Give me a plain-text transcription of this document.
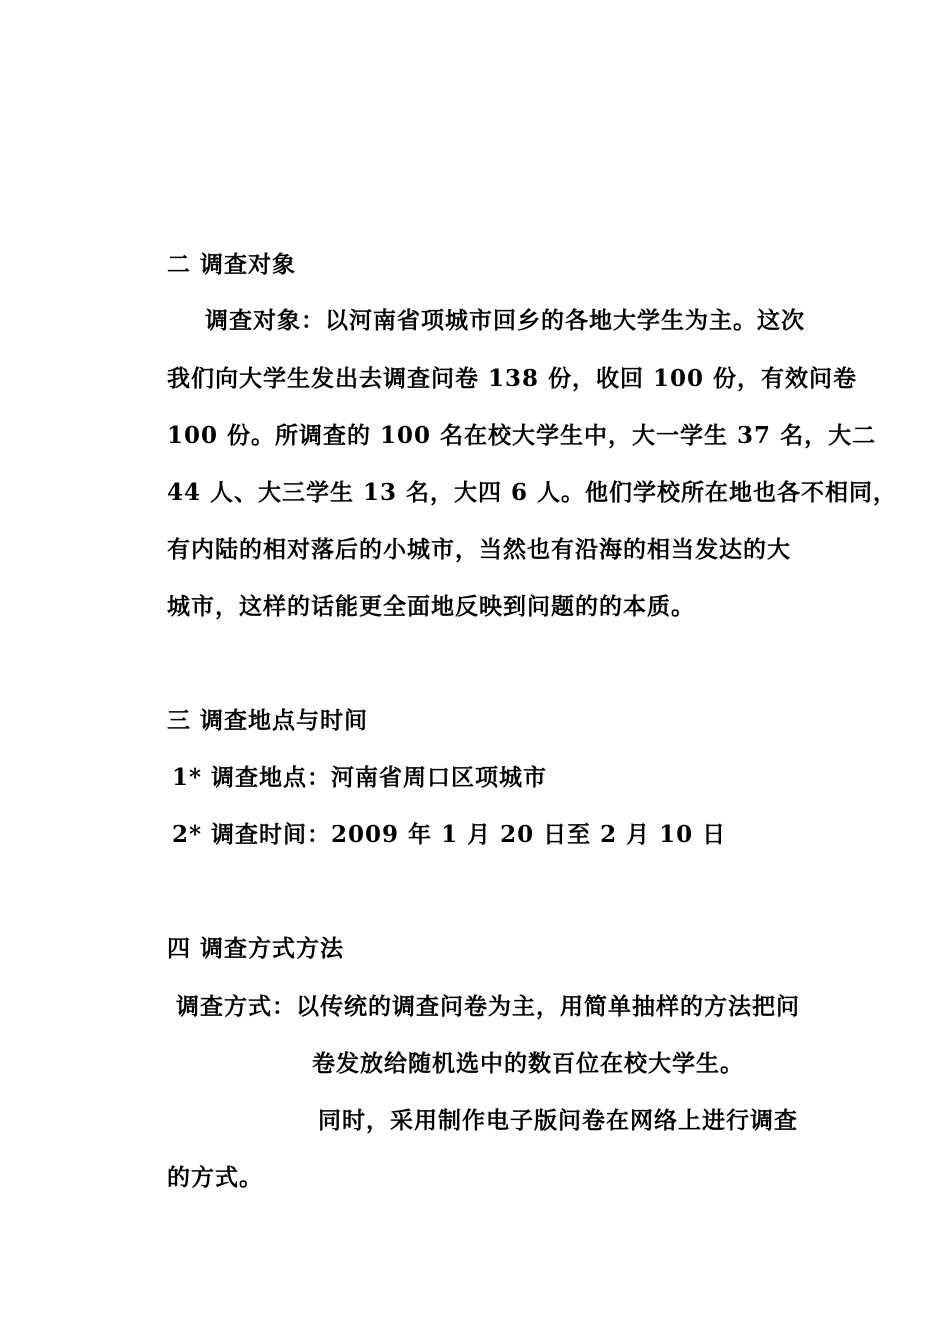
二 调查对象
调查对象：以河南省项城市回乡的各地大学生为主。这次
我们向大学生发出去调查问卷 138 份，收回 100 份，有效问卷
100 份。所调查的 100 名在校大学生中，大一学生 37 名，大二
44 人、大三学生 13 名，大四 6 人。他们学校所在地也各不相同，
有内陆的相对落后的小城市，当然也有沿海的相当发达的大
城市，这样的话能更全面地反映到问题的的本质。
三 调查地点与时间
1* 调查地点：河南省周口区项城市
2* 调查时间：2009 年 1 月 20 日至 2 月 10 日
四 调查方式方法
调查方式：以传统的调查问卷为主，用简单抽样的方法把问
卷发放给随机选中的数百位在校大学生。
同时，采用制作电子版问卷在网络上进行调查
的方式。
